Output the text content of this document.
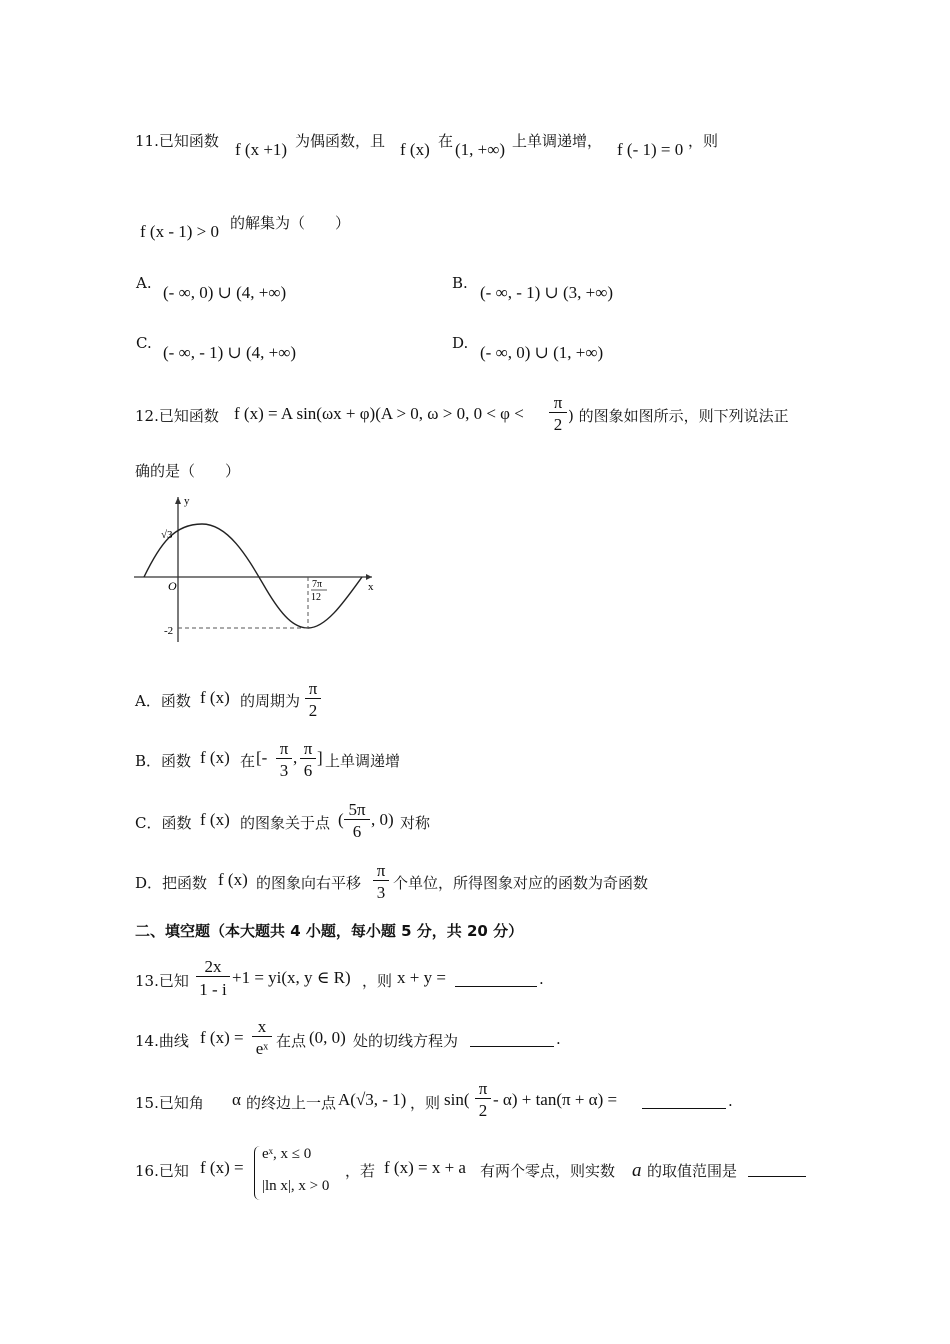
11.已知函数 f (x +1) 为偶函数，且 f (x) 在 (1, +∞) 上单调递增， f (- 1) = 0 ，则
f (x - 1) > 0 的解集为（　　）
A. (- ∞, 0) ∪ (4, +∞)	B. (- ∞, - 1) ∪ (3, +∞)
C. (- ∞, - 1) ∪ (4, +∞)	D. (- ∞, 0) ∪ (1, +∞)
12.已知函数 f (x) = A sin(ωx + φ)(A > 0, ω > 0, 0 < φ <
π
2 ) 的图象如图所示，则下列说法正
确的是（　　）
y
x
O
√3
-2
7π
12
A．函数 f (x) 的周期为
π
2
B．函数 f (x) 在 [- π
3
, π
6
] 上单调递增
C．函数 f (x) 的图象关于点 (
5π
6
, 0) 对称
D．把函数 f (x) 的图象向右平移
π
3 个单位，所得图象对应的函数为奇函数
二、填空题（本大题共 4 小题，每小题 5 分，共 20 分）
13.已知
2x
1 - i
+1 = yi(x, y ∈ R) ，则 x + y =	.
14.曲线 f (x) =
x
eˣ 在点 (0, 0) 处的切线方程为	.
15.已知角 α 的终边上一点 A(√3, - 1) ，则 sin(
π
2
- α) + tan(π + α) =	.
16.已知 f (x) =
eˣ, x ≤ 0
|ln x|, x > 0
，若 f (x) = x + a 有两个零点，则实数 a 的取值范围是
